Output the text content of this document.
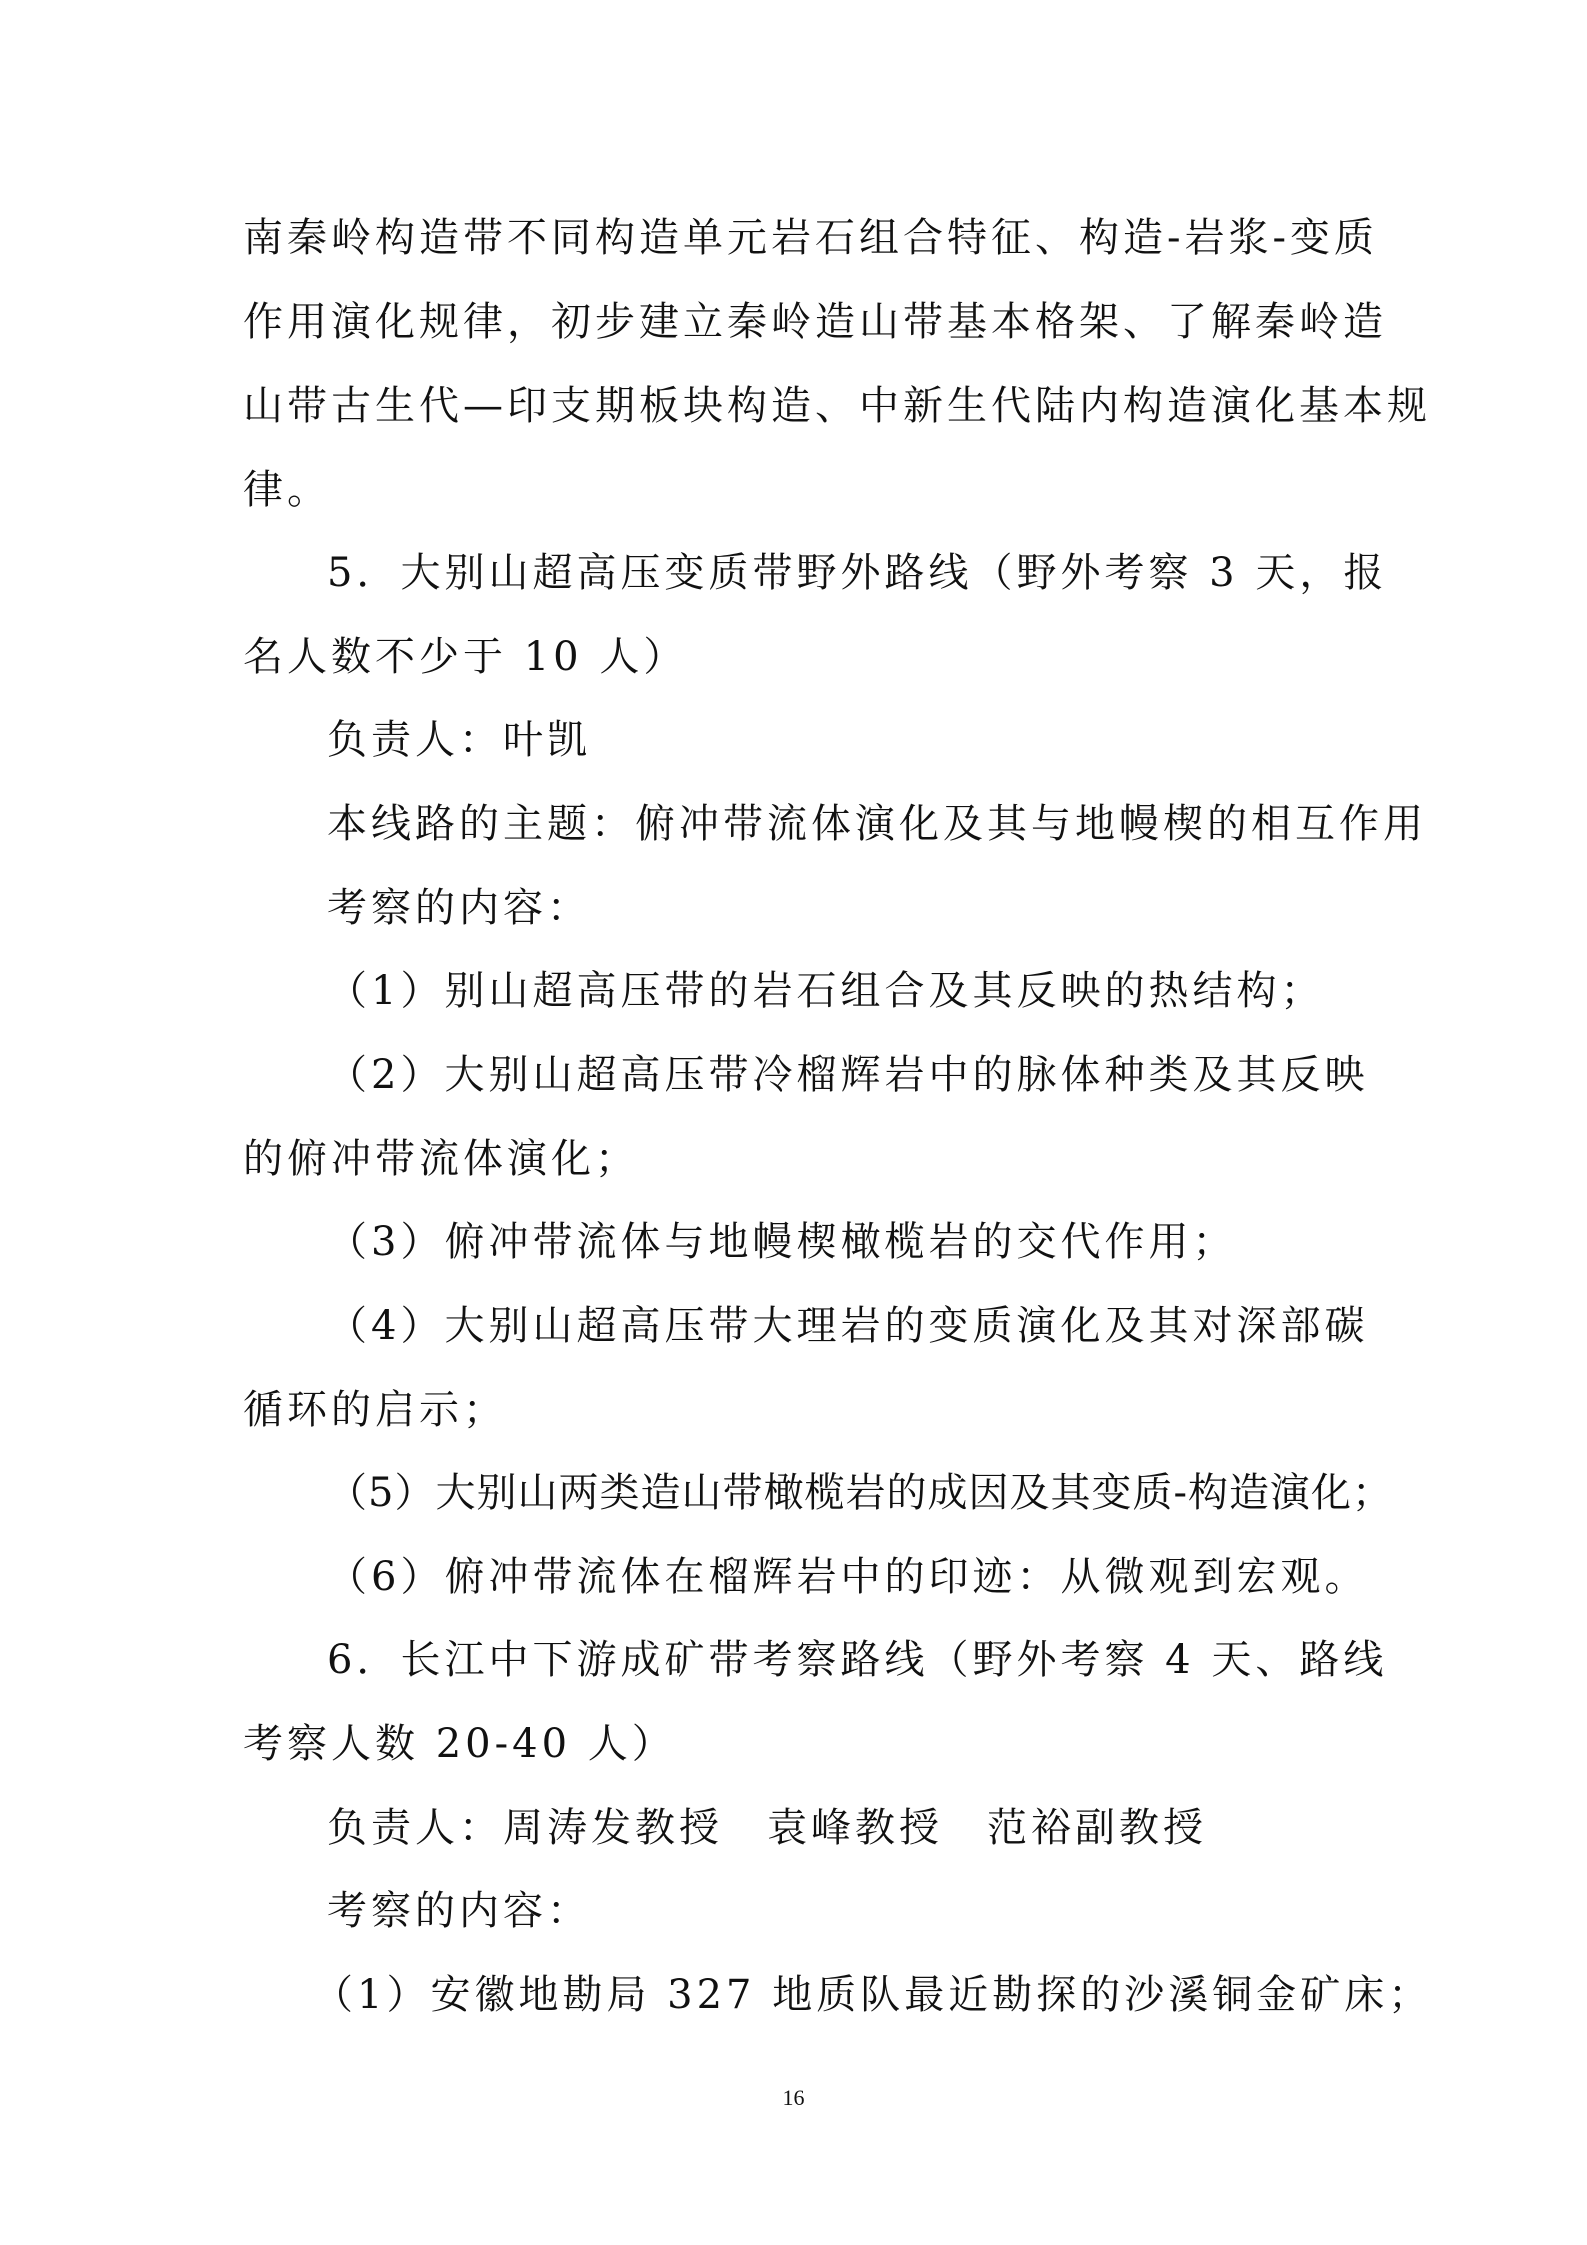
南秦岭构造带不同构造单元岩石组合特征、构造-岩浆-变质
作用演化规律，初步建立秦岭造山带基本格架、了解秦岭造
山带古生代—印支期板块构造、中新生代陆内构造演化基本规
律。
5．大别山超高压变质带野外路线（野外考察 3 天，报
名人数不少于 10 人）
负责人：叶凯
本线路的主题：俯冲带流体演化及其与地幔楔的相互作用
考察的内容：
（1）别山超高压带的岩石组合及其反映的热结构；
（2）大别山超高压带冷榴辉岩中的脉体种类及其反映
的俯冲带流体演化；
（3）俯冲带流体与地幔楔橄榄岩的交代作用；
（4）大别山超高压带大理岩的变质演化及其对深部碳
循环的启示；
（5）大别山两类造山带橄榄岩的成因及其变质-构造演化；
（6）俯冲带流体在榴辉岩中的印迹：从微观到宏观。
6．长江中下游成矿带考察路线（野外考察 4 天、路线
考察人数 20-40 人）
负责人：周涛发教授　袁峰教授　范裕副教授
考察的内容：
（1）安徽地勘局 327 地质队最近勘探的沙溪铜金矿床；
16
